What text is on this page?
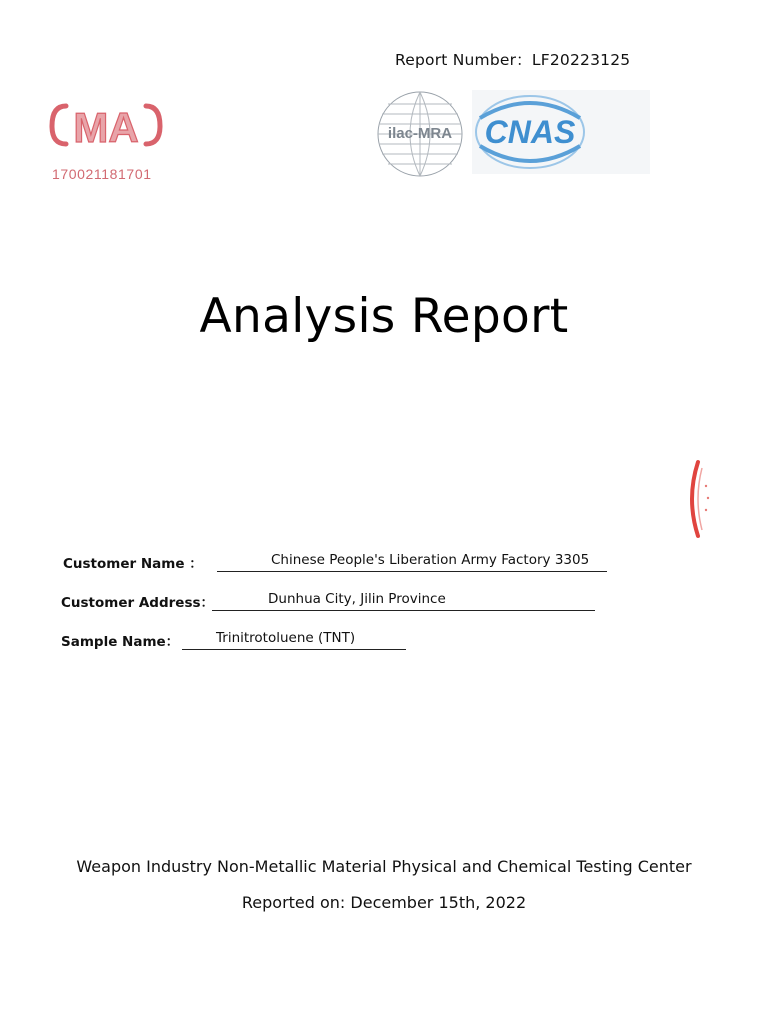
Report Number：LF20223125
MA
170021181701
ilac-MRA CNAS
Analysis Report
Customer Name ：	Chinese People's Liberation Army Factory 3305
Customer Address：	Dunhua City, Jilin Province
Sample Name：	Trinitrotoluene (TNT)
Weapon Industry Non-Metallic Material Physical and Chemical Testing Center
Reported on: December 15th, 2022
